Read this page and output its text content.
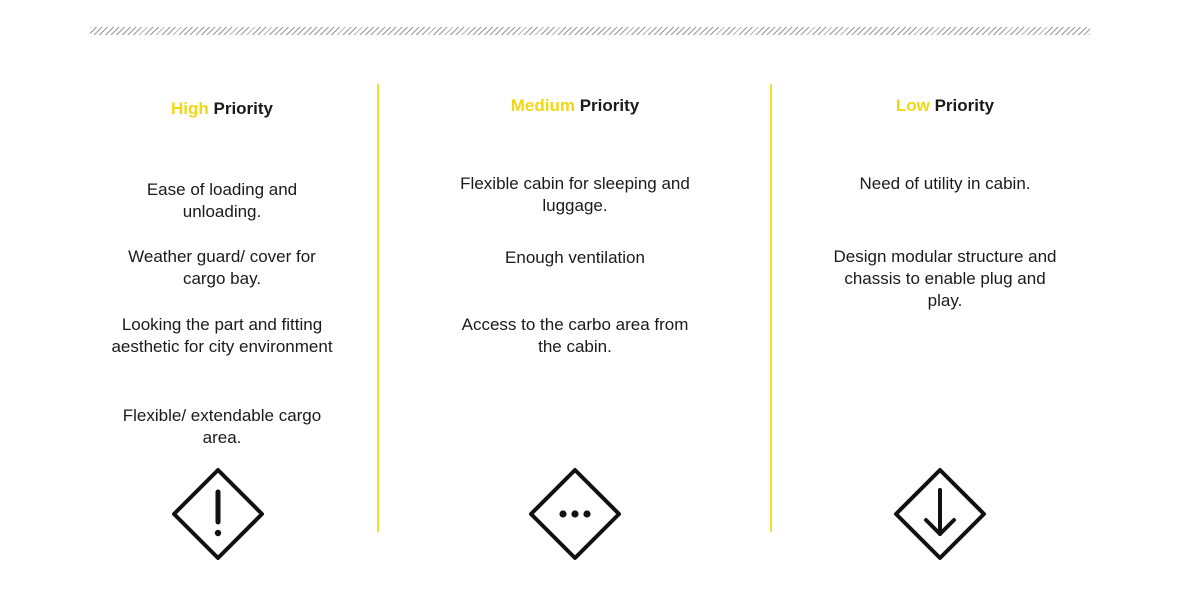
High Priority
Ease of loading and unloading.
Weather guard/ cover for cargo bay.
Looking the part and fitting aesthetic for city environment
Flexible/ extendable cargo area.
Medium Priority
Flexible cabin for sleeping and luggage.
Enough ventilation
Access to the carbo area from the cabin.
Low Priority
Need of utility in cabin.
Design modular structure and chassis to enable plug and play.
